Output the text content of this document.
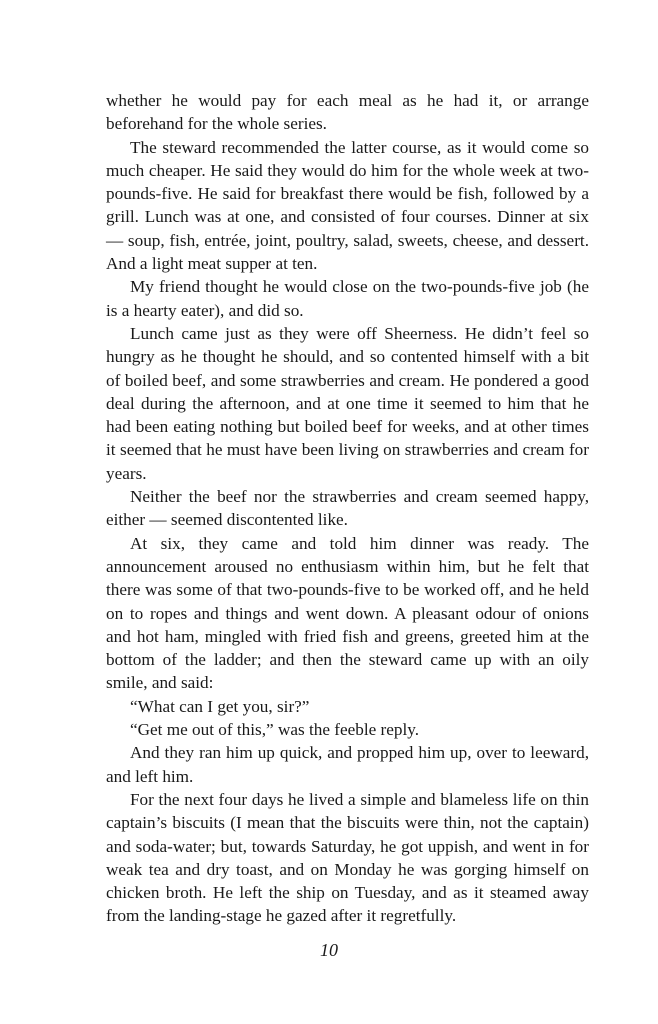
whether he would pay for each meal as he had it, or arrange beforehand for the whole series.

The steward recommended the latter course, as it would come so much cheaper. He said they would do him for the whole week at two-pounds-five. He said for breakfast there would be fish, followed by a grill. Lunch was at one, and consisted of four courses. Dinner at six — soup, fish, entrée, joint, poultry, salad, sweets, cheese, and dessert. And a light meat supper at ten.

My friend thought he would close on the two-pounds-five job (he is a hearty eater), and did so.

Lunch came just as they were off Sheerness. He didn’t feel so hungry as he thought he should, and so contented himself with a bit of boiled beef, and some strawberries and cream. He pondered a good deal during the afternoon, and at one time it seemed to him that he had been eating nothing but boiled beef for weeks, and at other times it seemed that he must have been living on strawberries and cream for years.

Neither the beef nor the strawberries and cream seemed happy, either — seemed discontented like.

At six, they came and told him dinner was ready. The announcement aroused no enthusiasm within him, but he felt that there was some of that two-pounds-five to be worked off, and he held on to ropes and things and went down. A pleasant odour of onions and hot ham, mingled with fried fish and greens, greeted him at the bottom of the ladder; and then the steward came up with an oily smile, and said:

“What can I get you, sir?”

“Get me out of this,” was the feeble reply.

And they ran him up quick, and propped him up, over to leeward, and left him.

For the next four days he lived a simple and blameless life on thin captain’s biscuits (I mean that the biscuits were thin, not the captain) and soda-water; but, towards Saturday, he got uppish, and went in for weak tea and dry toast, and on Monday he was gorging himself on chicken broth. He left the ship on Tuesday, and as it steamed away from the landing-stage he gazed after it regretfully.

10
